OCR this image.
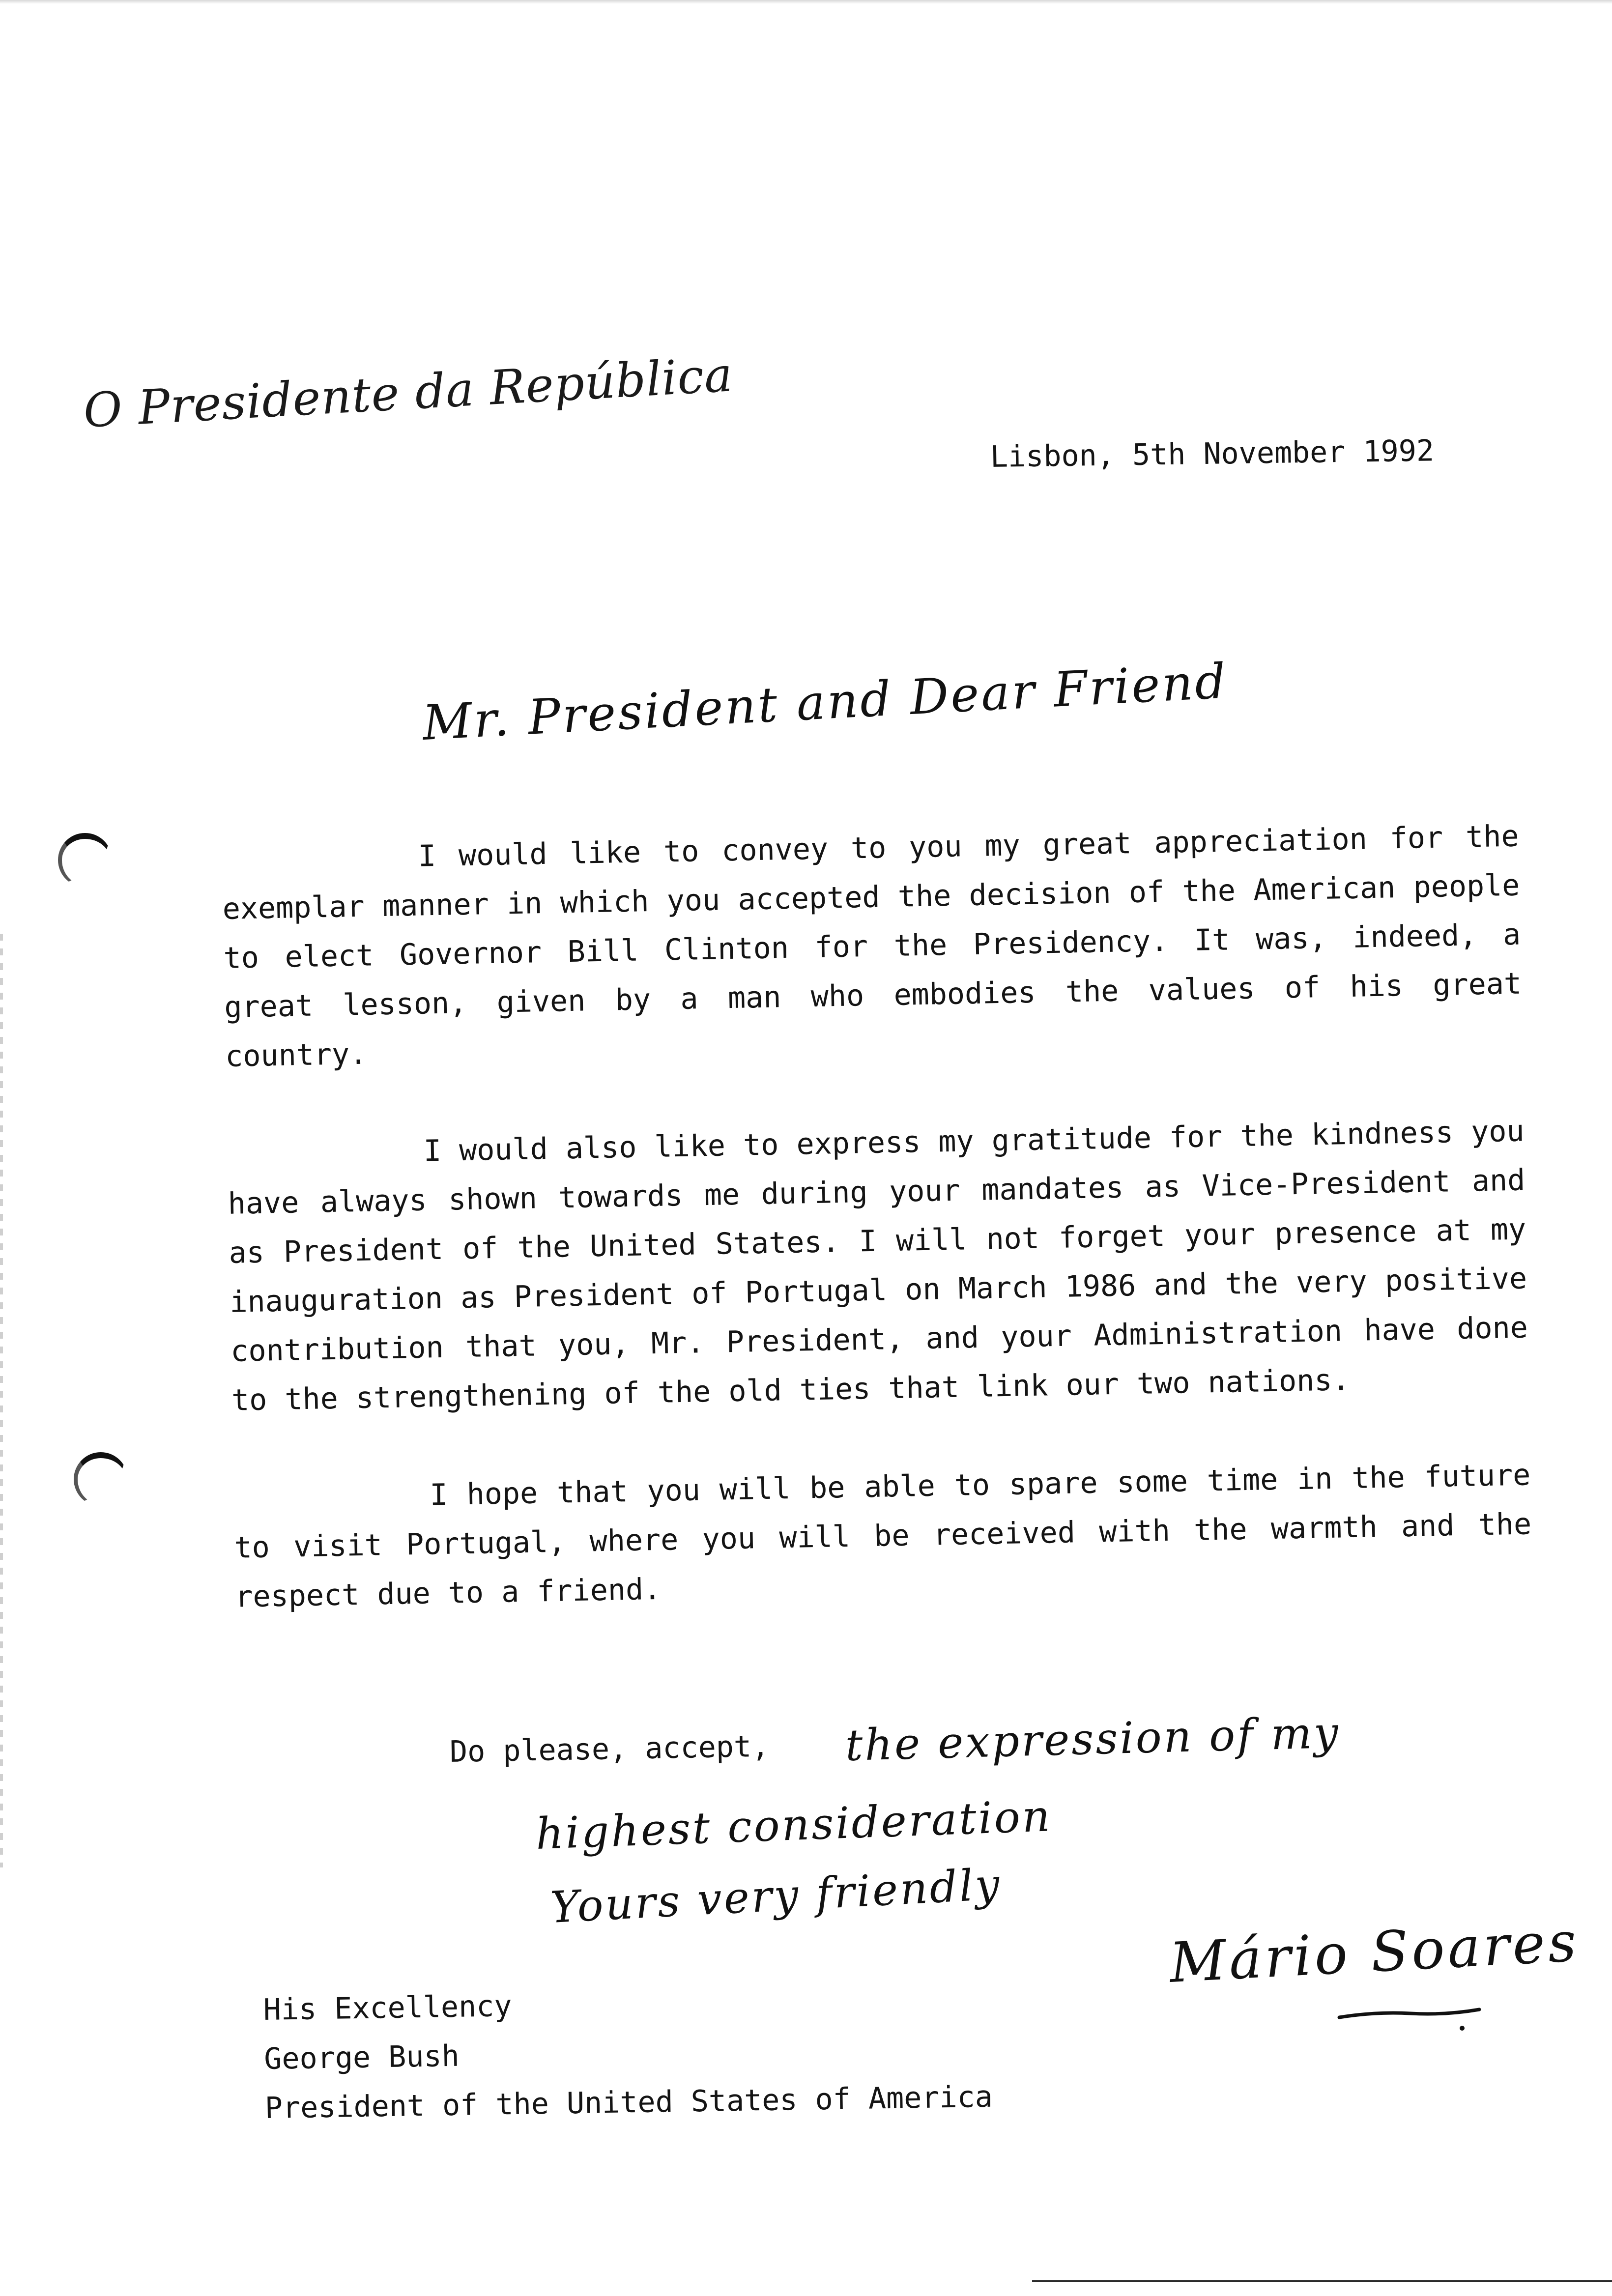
O Presidente da República
Lisbon, 5th November 1992
Mr. President and Dear Friend

I would like to convey to you my great appreciation for the exemplar manner in which you accepted the decision of the American people to elect Governor Bill Clinton for the Presidency. It was, indeed, a great lesson, given by a man who embodies the values of his great country.

I would also like to express my gratitude for the kindness you have always shown towards me during your mandates as Vice-President and as President of the United States. I will not forget your presence at my inauguration as President of Portugal on March 1986 and the very positive contribution that you, Mr. President, and your Administration have done to the strengthening of the old ties that link our two nations.

I hope that you will be able to spare some time in the future to visit Portugal, where you will be received with the warmth and the respect due to a friend.

Do please, accept, the expression of my
highest consideration
Yours very friendly
Mário Soares
His Excellency
George Bush
President of the United States of America
